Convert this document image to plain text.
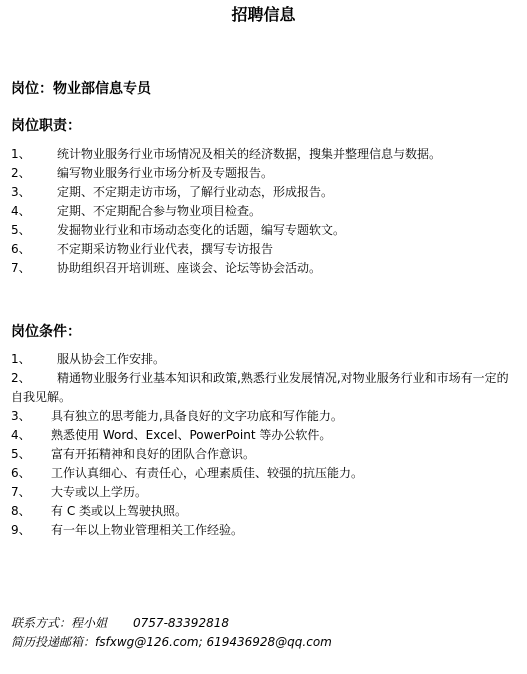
招聘信息
岗位：物业部信息专员
岗位职责：
1、 统计物业服务行业市场情况及相关的经济数据，搜集并整理信息与数据。
2、 编写物业服务行业市场分析及专题报告。
3、 定期、不定期走访市场，了解行业动态，形成报告。
4、 定期、不定期配合参与物业项目检查。
5、 发掘物业行业和市场动态变化的话题，编写专题软文。
6、 不定期采访物业行业代表，撰写专访报告
7、 协助组织召开培训班、座谈会、论坛等协会活动。
岗位条件：
1、 服从协会工作安排。
2、 精通物业服务行业基本知识和政策,熟悉行业发展情况,对物业服务行业和市场有一定的自我见解。
3、 具有独立的思考能力,具备良好的文字功底和写作能力。
4、 熟悉使用 Word、Excel、PowerPoint 等办公软件。
5、 富有开拓精神和良好的团队合作意识。
6、 工作认真细心、有责任心，心理素质佳、较强的抗压能力。
7、 大专或以上学历。
8、 有 C 类或以上驾驶执照。
9、 有一年以上物业管理相关工作经验。
联系方式：程小姐 0757-83392818
简历投递邮箱：fsfxwg@126.com; 619436928@qq.com
